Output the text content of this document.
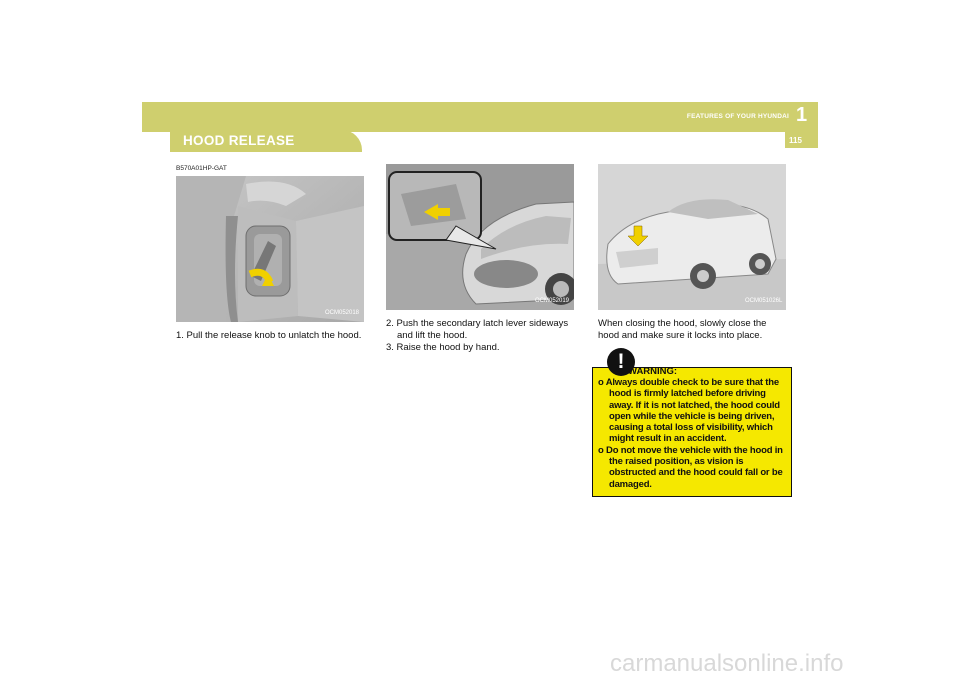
1
FEATURES OF YOUR HYUNDAI
115
HOOD RELEASE
B570A01HP-GAT
OCM052018
OCM052019	OCM051026L
1. Pull the release knob to unlatch the hood.
2. Push the secondary latch lever sideways and lift the hood.
3. Raise the hood by hand.
When closing the hood, slowly close the hood and make sure it locks into place.
! WARNING:
o Always double check to be sure that the hood is firmly latched before driving away. If it is not latched, the hood could open while the vehicle is being driven, causing a total loss of visibility, which might result in an accident.
o Do not move the vehicle with the hood in the raised position, as vision is obstructed and the hood could fall or be damaged.
carmanualsonline.info
